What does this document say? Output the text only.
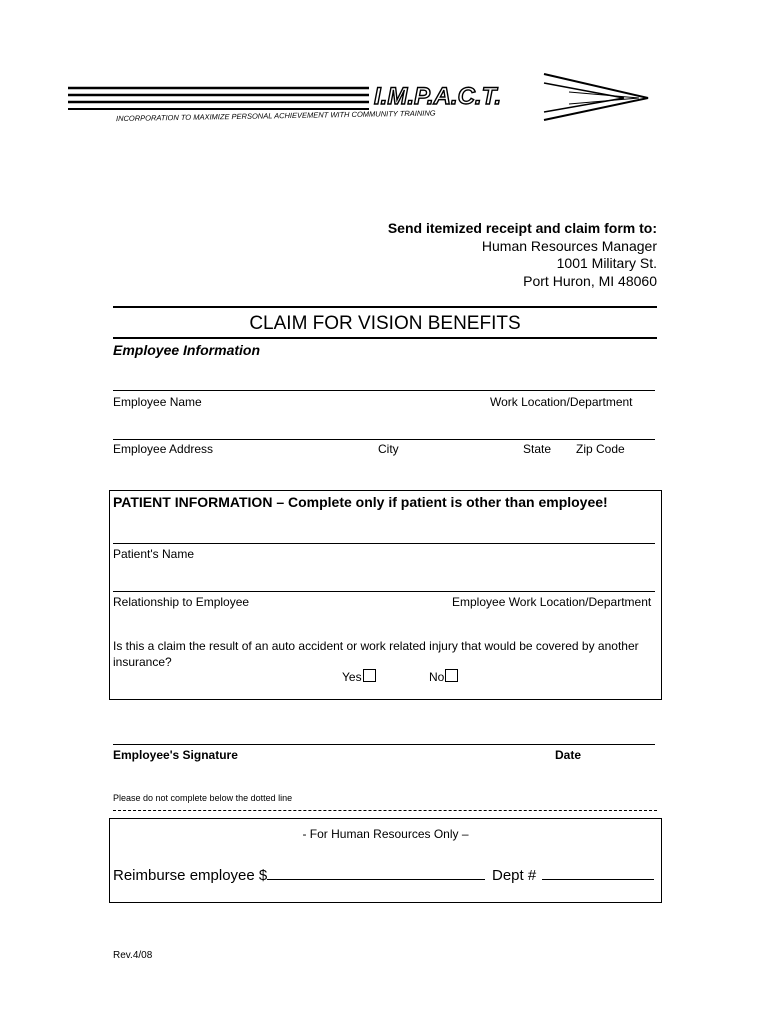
I.M.P.A.C.T.
INCORPORATION TO MAXIMIZE PERSONAL ACHIEVEMENT WITH COMMUNITY TRAINING
Send itemized receipt and claim form to:
Human Resources Manager
1001 Military St.
Port Huron, MI 48060
CLAIM FOR VISION BENEFITS
Employee Information
Employee Name	Work Location/Department
Employee Address	City	State Zip Code
PATIENT INFORMATION – Complete only if patient is other than employee!
Patient's Name
Relationship to Employee	Employee Work Location/Department
Is this a claim the result of an auto accident or work related injury that would be covered by another insurance?
Yes	No
Employee's Signature	Date
Please do not complete below the dotted line
- For Human Resources Only –
Reimburse employee $	Dept #
Rev.4/08
